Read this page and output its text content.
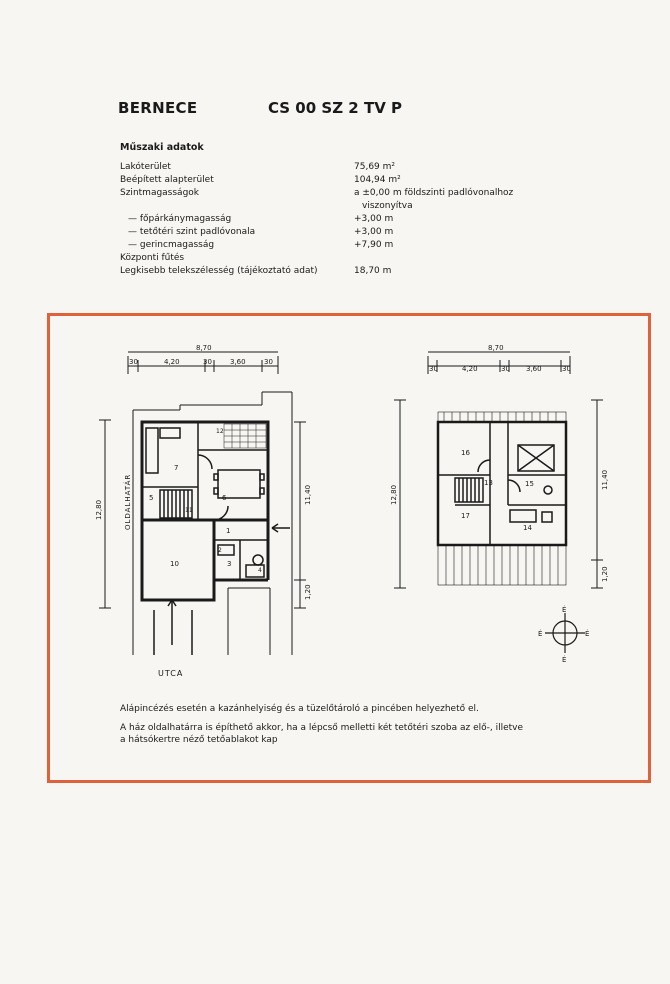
BERNECE	CS 00 SZ 2 TV P
Műszaki adatok
Lakóterület	75,69 m²
Beépített alapterület	104,94 m²
Szintmagasságok	a ±0,00 m földszinti padlóvonalhoz
viszonyítva
— főpárkánymagasság	+3,00 m
— tetőtéri szint padlóvonala	+3,00 m
— gerincmagasság	+7,90 m
Központi fűtés
Legkisebb telekszélesség (tájékoztató adat)	18,70 m
8,70
30	4,20	30	3,60	30
12,80
11,40
1,20
OLDALHATÁR
UTCA
1
2
3
4
5	6
7
10
11
12
8,70
30	4,20	30 3,60	30
12,80
11,40
1,20
13
14
15
16
17
É
É
É	É
Alápincézés esetén a kazánhelyiség és a tüzelőtároló a pincében helyezhető el.
A ház oldalhatárra is építhető akkor, ha a lépcső melletti két tetőtéri szoba az elő-, illetve
a hátsókertre néző tetőablakot kap
